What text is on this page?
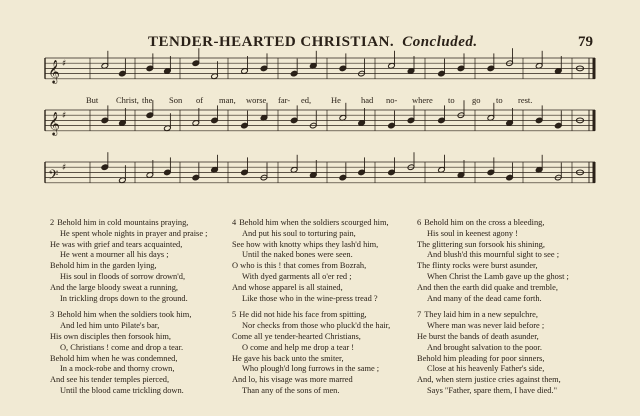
TENDER-HEARTED CHRISTIAN. Concluded.	79
𝄞 ♯
𝄞 ♯
𝄢 ♯
But Christ, the Son of man, worse far- ed, He had no- where to go to rest.
2 Behold him in cold mountains praying,
He spent whole nights in prayer and praise ;
He was with grief and tears acquainted,
He went a mourner all his days ;
Behold him in the garden lying,
His soul in floods of sorrow drown'd,
And the large bloody sweat a running,
In trickling drops down to the ground.
3 Behold him when the soldiers took him,
And led him unto Pilate's bar,
His own disciples then forsook him,
O, Christians ! come and drop a tear.
Behold him when he was condemned,
In a mock-robe and thorny crown,
And see his tender temples pierced,
Until the blood came trickling down.
4 Behold him when the soldiers scourged him,
And put his soul to torturing pain,
See how with knotty whips they lash'd him,
Until the naked bones were seen.
O who is this ! that comes from Bozrah,
With dyed garments all o'er red ;
And whose apparel is all stained,
Like those who in the wine-press tread ?
5 He did not hide his face from spitting,
Nor checks from those who pluck'd the hair,
Come all ye tender-hearted Christians,
O come and help me drop a tear !
He gave his back unto the smiter,
Who plough'd long furrows in the same ;
And lo, his visage was more marred
Than any of the sons of men.
6 Behold him on the cross a bleeding,
His soul in keenest agony !
The glittering sun forsook his shining,
And blush'd this mournful sight to see ;
The flinty rocks were burst asunder,
When Christ the Lamb gave up the ghost ;
And then the earth did quake and tremble,
And many of the dead came forth.
7 They laid him in a new sepulchre,
Where man was never laid before ;
He burst the bands of death asunder,
And brought salvation to the poor.
Behold him pleading for poor sinners,
Close at his heavenly Father's side,
And, when stern justice cries against them,
Says "Father, spare them, I have died."
